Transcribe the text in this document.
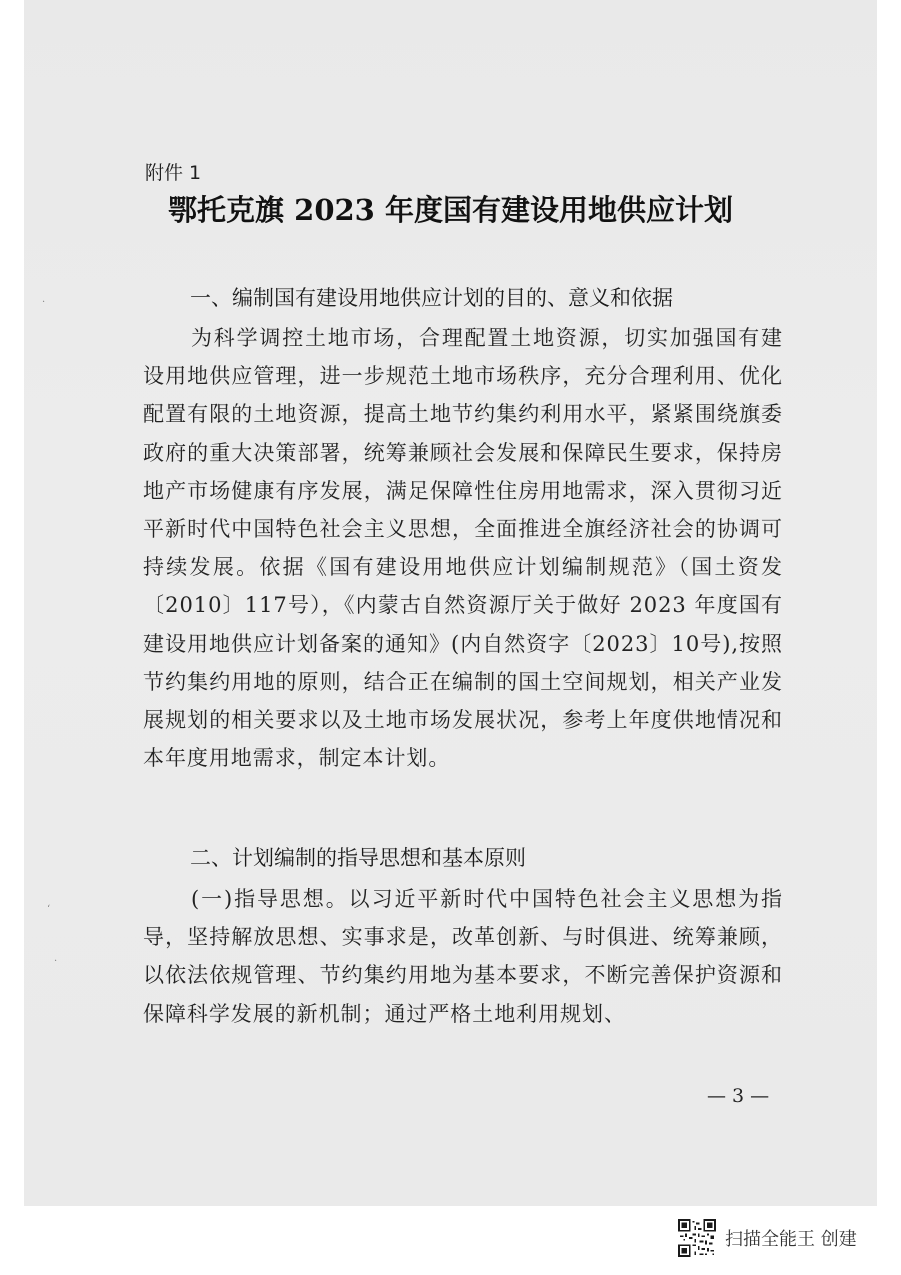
·
ʻ
·
附件 1
鄂托克旗 2023 年度国有建设用地供应计划
一、编制国有建设用地供应计划的目的、意义和依据
为科学调控土地市场，合理配置土地资源，切实加强国有建设用地供应管理，进一步规范土地市场秩序，充分合理利用、优化配置有限的土地资源，提高土地节约集约利用水平，紧紧围绕旗委政府的重大决策部署，统筹兼顾社会发展和保障民生要求，保持房地产市场健康有序发展，满足保障性住房用地需求，深入贯彻习近平新时代中国特色社会主义思想，全面推进全旗经济社会的协调可持续发展。依据《国有建设用地供应计划编制规范》（国土资发〔2010〕117号），《内蒙古自然资源厅关于做好 2023 年度国有建设用地供应计划备案的通知》(内自然资字〔2023〕10号),按照节约集约用地的原则，结合正在编制的国土空间规划，相关产业发展规划的相关要求以及土地市场发展状况，参考上年度供地情况和本年度用地需求，制定本计划。
二、计划编制的指导思想和基本原则
(一)指导思想。以习近平新时代中国特色社会主义思想为指导，坚持解放思想、实事求是，改革创新、与时俱进、统筹兼顾，以依法依规管理、节约集约用地为基本要求，不断完善保护资源和保障科学发展的新机制；通过严格土地利用规划、
— 3 —
扫描全能王 创建
